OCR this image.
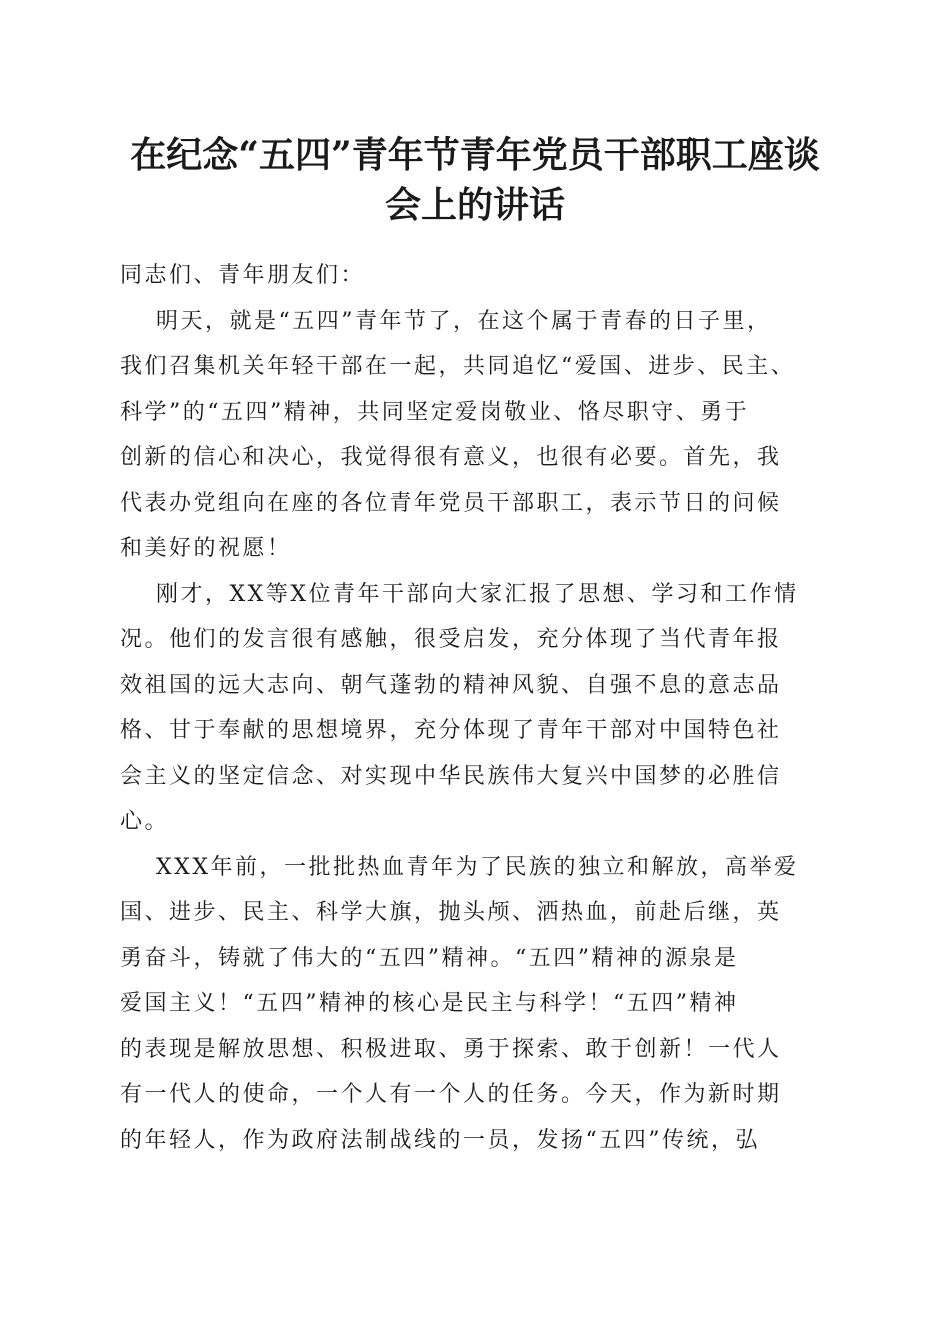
在纪念“五四”青年节青年党员干部职工座谈
会上的讲话
同志们、青年朋友们：
明天，就是“五四”青年节了，在这个属于青春的日子里，
我们召集机关年轻干部在一起，共同追忆“爱国、进步、民主、
科学”的“五四”精神，共同坚定爱岗敬业、恪尽职守、勇于
创新的信心和决心，我觉得很有意义，也很有必要。首先，我
代表办党组向在座的各位青年党员干部职工，表示节日的问候
和美好的祝愿！
刚才，XX等X位青年干部向大家汇报了思想、学习和工作情
况。他们的发言很有感触，很受启发，充分体现了当代青年报
效祖国的远大志向、朝气蓬勃的精神风貌、自强不息的意志品
格、甘于奉献的思想境界，充分体现了青年干部对中国特色社
会主义的坚定信念、对实现中华民族伟大复兴中国梦的必胜信
心。
XXX年前，一批批热血青年为了民族的独立和解放，高举爱
国、进步、民主、科学大旗，抛头颅、洒热血，前赴后继，英
勇奋斗，铸就了伟大的“五四”精神。“五四”精神的源泉是
爱国主义！“五四”精神的核心是民主与科学！“五四”精神
的表现是解放思想、积极进取、勇于探索、敢于创新！一代人
有一代人的使命，一个人有一个人的任务。今天，作为新时期
的年轻人，作为政府法制战线的一员，发扬“五四”传统，弘
